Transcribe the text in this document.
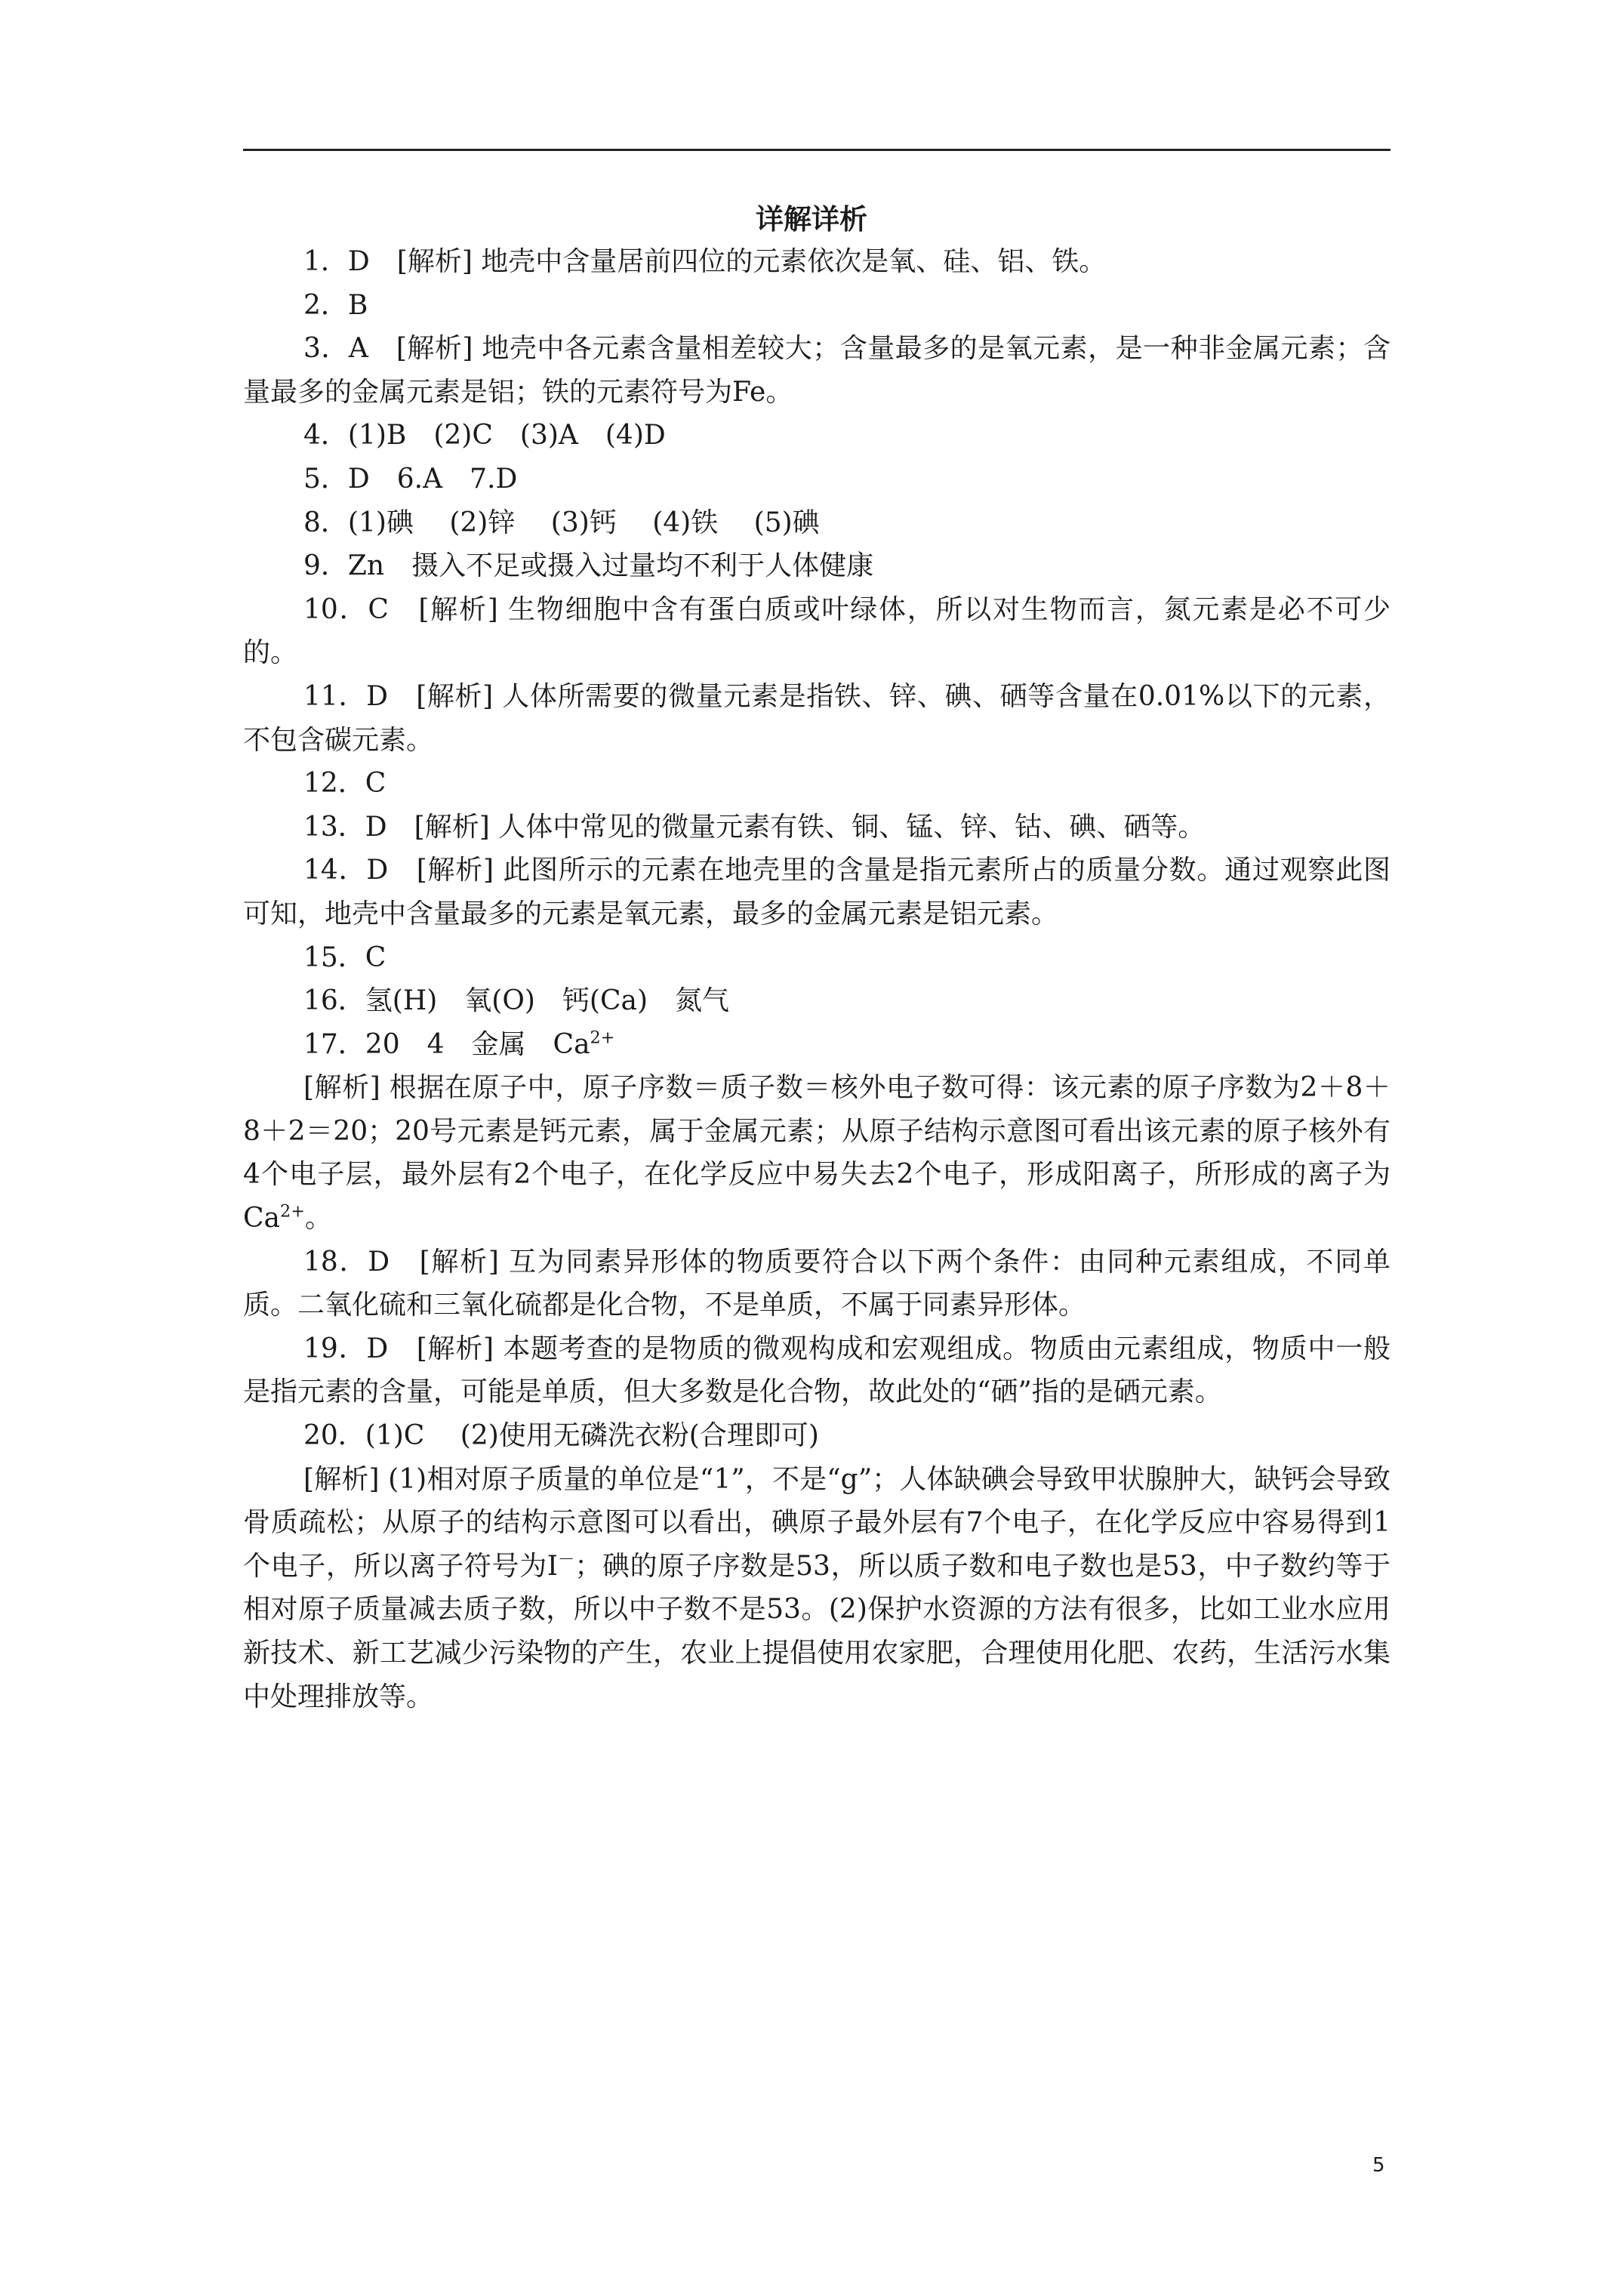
详解详析

1．D　[解析] 地壳中含量居前四位的元素依次是氧、硅、铝、铁。

2．B

3．A　[解析] 地壳中各元素含量相差较大；含量最多的是氧元素，是一种非金属元素；含量最多的金属元素是铝；铁的元素符号为Fe。

4．(1)B　(2)C　(3)A　(4)D

5．D　6.A　7.D

8．(1)碘　 (2)锌　 (3)钙　 (4)铁　 (5)碘

9．Zn　摄入不足或摄入过量均不利于人体健康

10．C　[解析] 生物细胞中含有蛋白质或叶绿体，所以对生物而言，氮元素是必不可少的。

11．D　[解析] 人体所需要的微量元素是指铁、锌、碘、硒等含量在0.01%以下的元素，不包含碳元素。

12．C

13．D　[解析] 人体中常见的微量元素有铁、铜、锰、锌、钴、碘、硒等。

14．D　[解析] 此图所示的元素在地壳里的含量是指元素所占的质量分数。通过观察此图可知，地壳中含量最多的元素是氧元素，最多的金属元素是铝元素。

15．C

16．氢(H)　氧(O)　钙(Ca)　氮气

17．20　4　金属　$Ca^{2+}$

[解析] 根据在原子中，原子序数＝质子数＝核外电子数可得：该元素的原子序数为2＋8＋8＋2＝20；20号元素是钙元素，属于金属元素；从原子结构示意图可看出该元素的原子核外有4个电子层，最外层有2个电子，在化学反应中易失去2个电子，形成阳离子，所形成的离子为$Ca^{2+}$。

18．D　[解析] 互为同素异形体的物质要符合以下两个条件：由同种元素组成，不同单质。二氧化硫和三氧化硫都是化合物，不是单质，不属于同素异形体。

19．D　[解析] 本题考查的是物质的微观构成和宏观组成。物质由元素组成，物质中一般是指元素的含量，可能是单质，但大多数是化合物，故此处的“硒”指的是硒元素。

20．(1)C　 (2)使用无磷洗衣粉(合理即可)

[解析] (1)相对原子质量的单位是“1”，不是“g”；人体缺碘会导致甲状腺肿大，缺钙会导致骨质疏松；从原子的结构示意图可以看出，碘原子最外层有7个电子，在化学反应中容易得到1个电子，所以离子符号为I－；碘的原子序数是53，所以质子数和电子数也是53，中子数约等于相对原子质量减去质子数，所以中子数不是53。(2)保护水资源的方法有很多，比如工业水应用新技术、新工艺减少污染物的产生，农业上提倡使用农家肥，合理使用化肥、农药，生活污水集中处理排放等。

5
